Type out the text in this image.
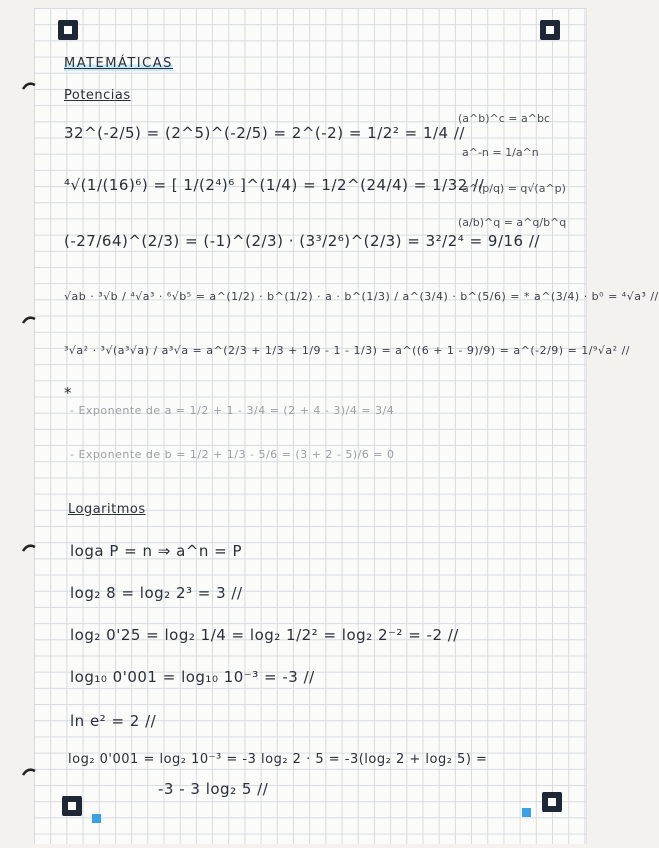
MATEMÁTICAS
Potencias
32^(-2/5) = (2^5)^(-2/5) = 2^(-2) = 1/2² = 1/4 //
⁴√(1/(16)⁶) = [ 1/(2⁴)⁶ ]^(1/4) = 1/2^(24/4) = 1/32 //
(-27/64)^(2/3) = (-1)^(2/3) · (3³/2⁶)^(2/3) = 3²/2⁴ = 9/16 //
√ab · ³√b / ⁴√a³ · ⁶√b⁵ = a^(1/2) · b^(1/2) · a · b^(1/3) / a^(3/4) · b^(5/6) = * a^(3/4) · b⁰ = ⁴√a³ //
³√a² · ³√(a³√a) / a³√a = a^(2/3 + 1/3 + 1/9 - 1 - 1/3) = a^((6 + 1 - 9)/9) = a^(-2/9) = 1/⁹√a² //
*
- Exponente de a = 1/2 + 1 - 3/4 = (2 + 4 - 3)/4 = 3/4
- Exponente de b = 1/2 + 1/3 - 5/6 = (3 + 2 - 5)/6 = 0
(a^b)^c = a^bc
a^-n = 1/a^n
a^(p/q) = q√(a^p)
(a/b)^q = a^q/b^q
Logaritmos
loga P = n ⇒ a^n = P
log₂ 8 = log₂ 2³ = 3 //
log₂ 0'25 = log₂ 1/4 = log₂ 1/2² = log₂ 2⁻² = -2 //
log₁₀ 0'001 = log₁₀ 10⁻³ = -3 //
ln e² = 2 //
log₂ 0'001 = log₂ 10⁻³ = -3 log₂ 2 · 5 = -3(log₂ 2 + log₂ 5) =
-3 - 3 log₂ 5 //
